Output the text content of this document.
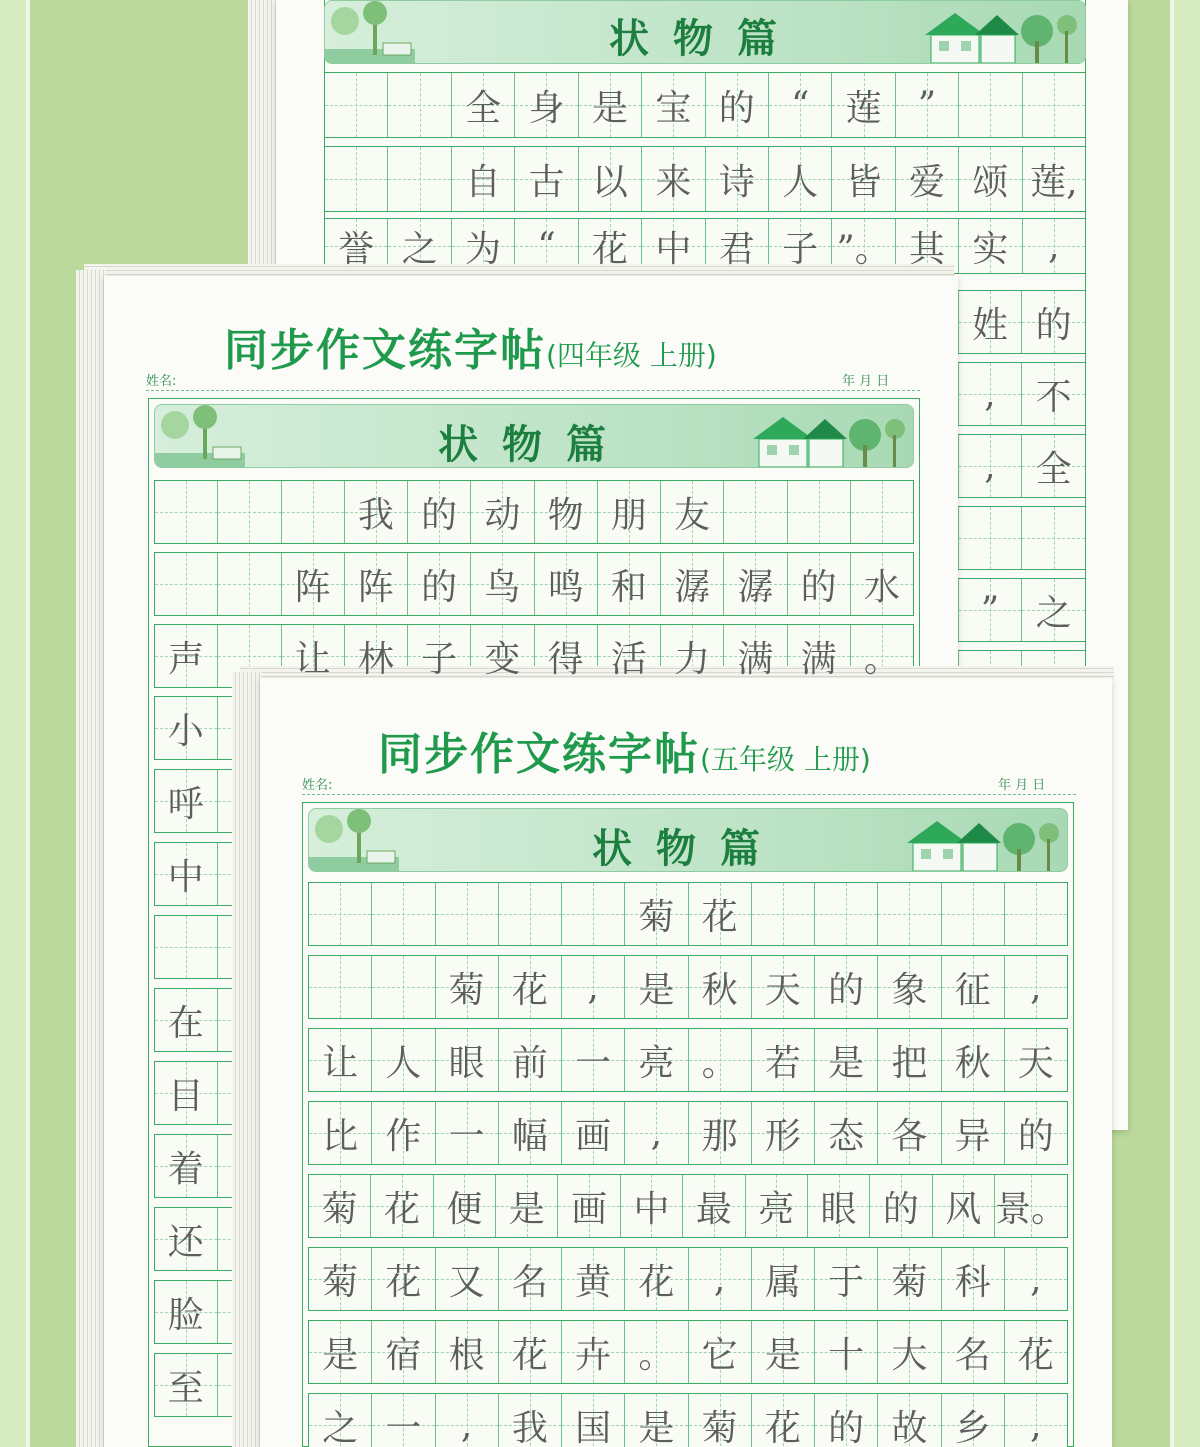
状物篇
全 身 是 宝 的 “ 莲 ”
自 古 以 来 诗 人 皆 爱 颂 莲,
誉 之 为 “ 花 中 君 子 ”。 其 实 ,
姓 的
, 不
, 全
” 之
同步作文练字帖(四年级 上册)
姓名:	年 月 日
状物篇
我 的 动 物 朋 友
阵 阵 的 鸟 鸣 和 潺 潺 的 水
声	让 林 子 变 得 活 力 满 满 。
小
呼
中
在
目
着
还
脸
至
同步作文练字帖(五年级 上册)
姓名:	年 月 日
状物篇
菊 花
菊 花 , 是 秋 天 的 象 征 ,
让 人 眼 前 一 亮 。 若 是 把 秋 天
比 作 一 幅 画 , 那 形 态 各 异 的
菊 花 便 是 画 中 最 亮 眼 的 风 景。
菊 花 又 名 黄 花 , 属 于 菊 科 ,
是 宿 根 花 卉 。 它 是 十 大 名 花
之 一 , 我 国 是 菊 花 的 故 乡 ,
